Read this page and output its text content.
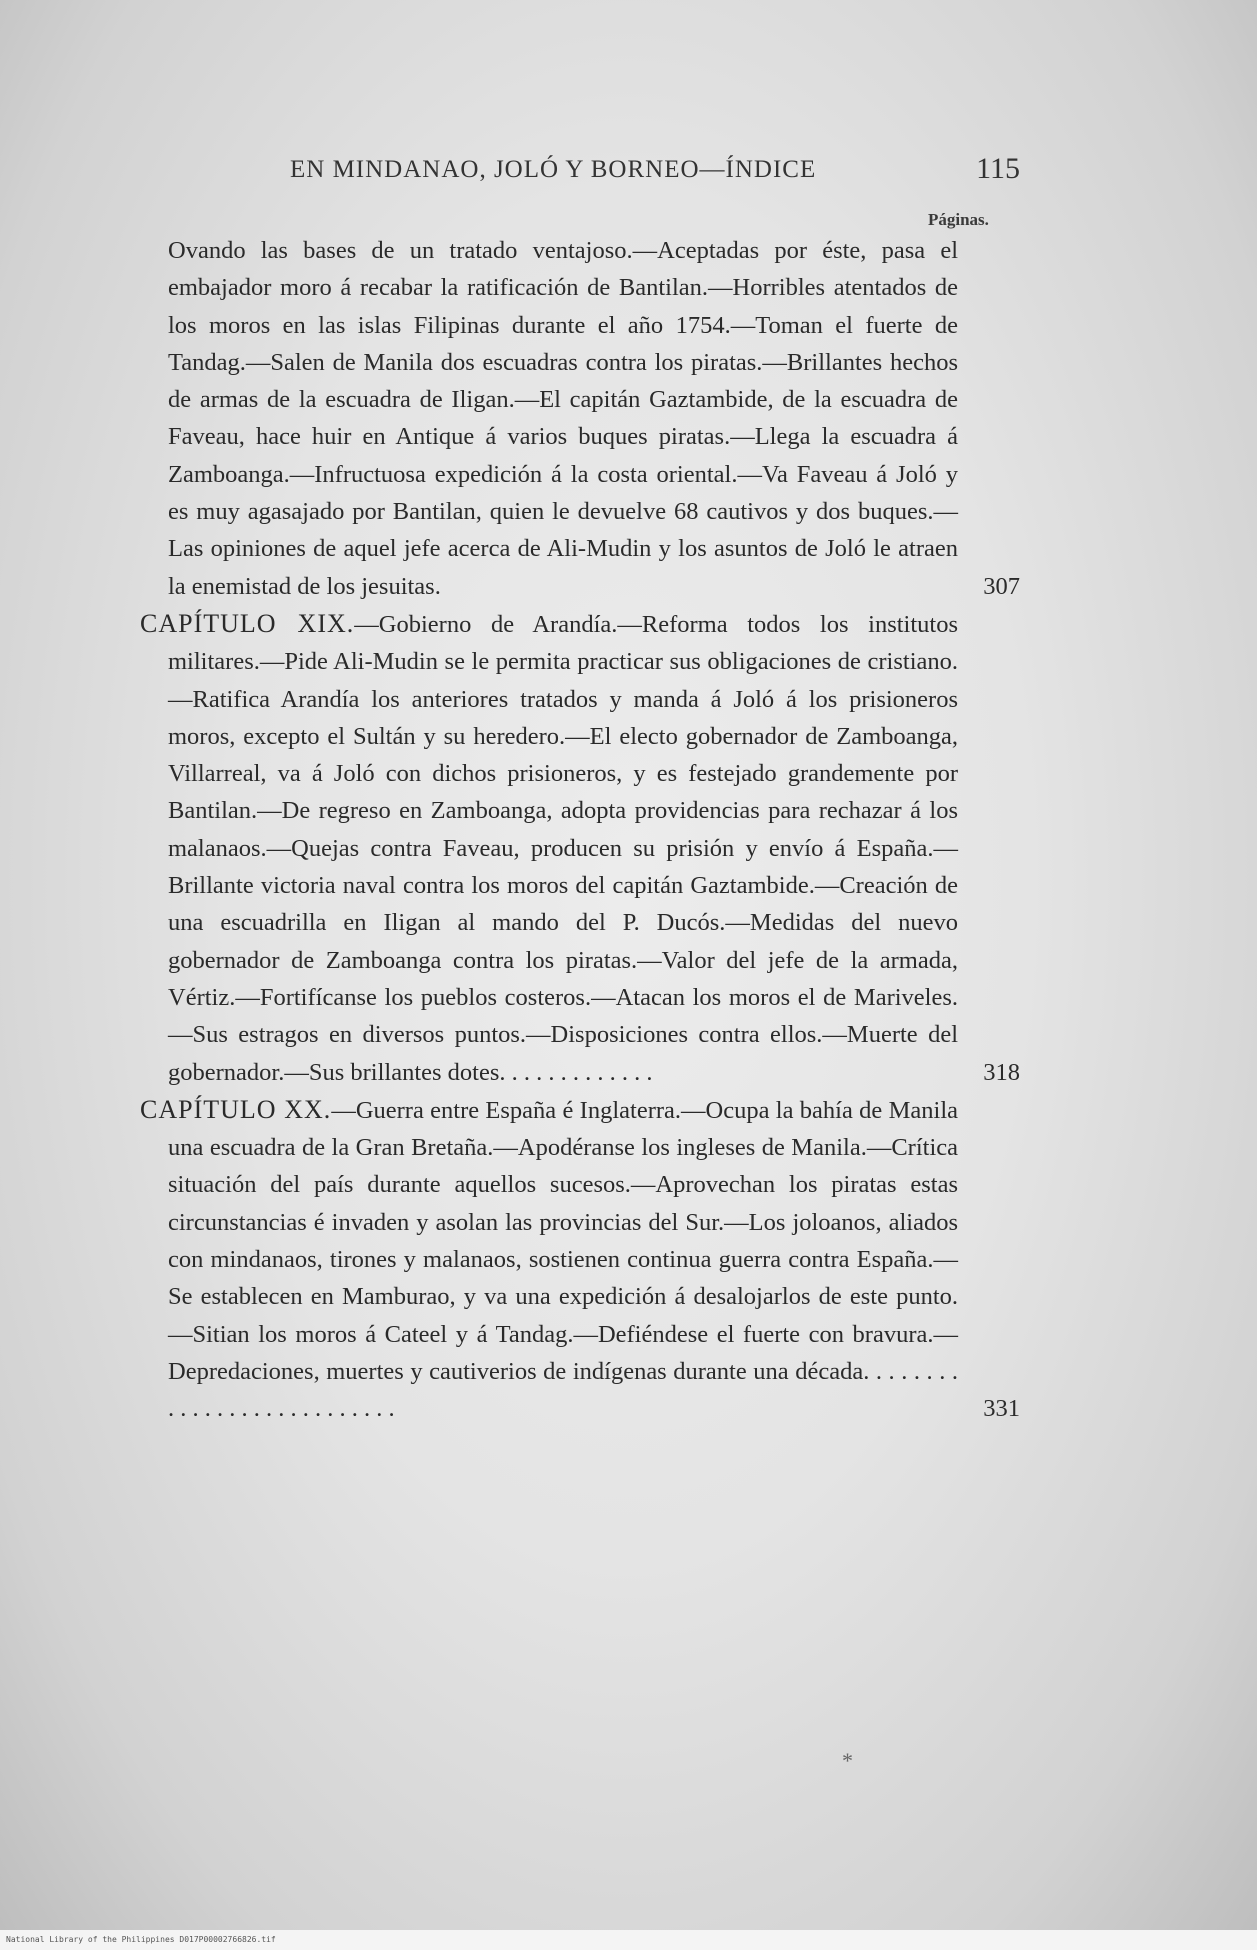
EN MINDANAO, JOLÓ Y BORNEO—ÍNDICE	115
Páginas.
Ovando las bases de un tratado ventajoso.—Aceptadas por éste, pasa el embajador moro á recabar la ratificación de Bantilan.—Horribles atentados de los moros en las islas Filipinas durante el año 1754.—Toman el fuerte de Tandag.—Salen de Manila dos escuadras contra los piratas.—Brillantes hechos de armas de la escuadra de Iligan.—El capitán Gaztambide, de la escuadra de Faveau, hace huir en Antique á varios buques piratas.—Llega la escuadra á Zamboanga.—Infructuosa expedición á la costa oriental.—Va Faveau á Joló y es muy agasajado por Bantilan, quien le devuelve 68 cautivos y dos buques.—Las opiniones de aquel jefe acerca de Ali-Mudin y los asuntos de Joló le atraen la enemistad de los jesuitas.	307
CAPÍTULO XIX.—Gobierno de Arandía.—Reforma todos los institutos militares.—Pide Ali-Mudin se le permita practicar sus obligaciones de cristiano.—Ratifica Arandía los anteriores tratados y manda á Joló á los prisioneros moros, excepto el Sultán y su heredero.—El electo gobernador de Zamboanga, Villarreal, va á Joló con dichos prisioneros, y es festejado grandemente por Bantilan.—De regreso en Zamboanga, adopta providencias para rechazar á los malanaos.—Quejas contra Faveau, producen su prisión y envío á España.—Brillante victoria naval contra los moros del capitán Gaztambide.—Creación de una escuadrilla en Iligan al mando del P. Ducós.—Medidas del nuevo gobernador de Zamboanga contra los piratas.—Valor del jefe de la armada, Vértiz.—Fortifícanse los pueblos costeros.—Atacan los moros el de Mariveles.—Sus estragos en diversos puntos.—Disposiciones contra ellos.—Muerte del gobernador.—Sus brillantes dotes. . . . . . . . . . . . .	318
CAPÍTULO XX.—Guerra entre España é Inglaterra.—Ocupa la bahía de Manila una escuadra de la Gran Bretaña.—Apodéranse los ingleses de Manila.—Crítica situación del país durante aquellos sucesos.—Aprovechan los piratas estas circunstancias é invaden y asolan las provincias del Sur.—Los joloanos, aliados con mindanaos, tirones y malanaos, sostienen continua guerra contra España.—Se establecen en Mamburao, y va una expedición á desalojarlos de este punto.—Sitian los moros á Cateel y á Tandag.—Defiéndese el fuerte con bravura.—Depredaciones, muertes y cautiverios de indígenas durante una década. . . . . . . . . . . . . . . . . . . . . . . . . . .	331
*
National Library of the Philippines D017P00002766826.tif
